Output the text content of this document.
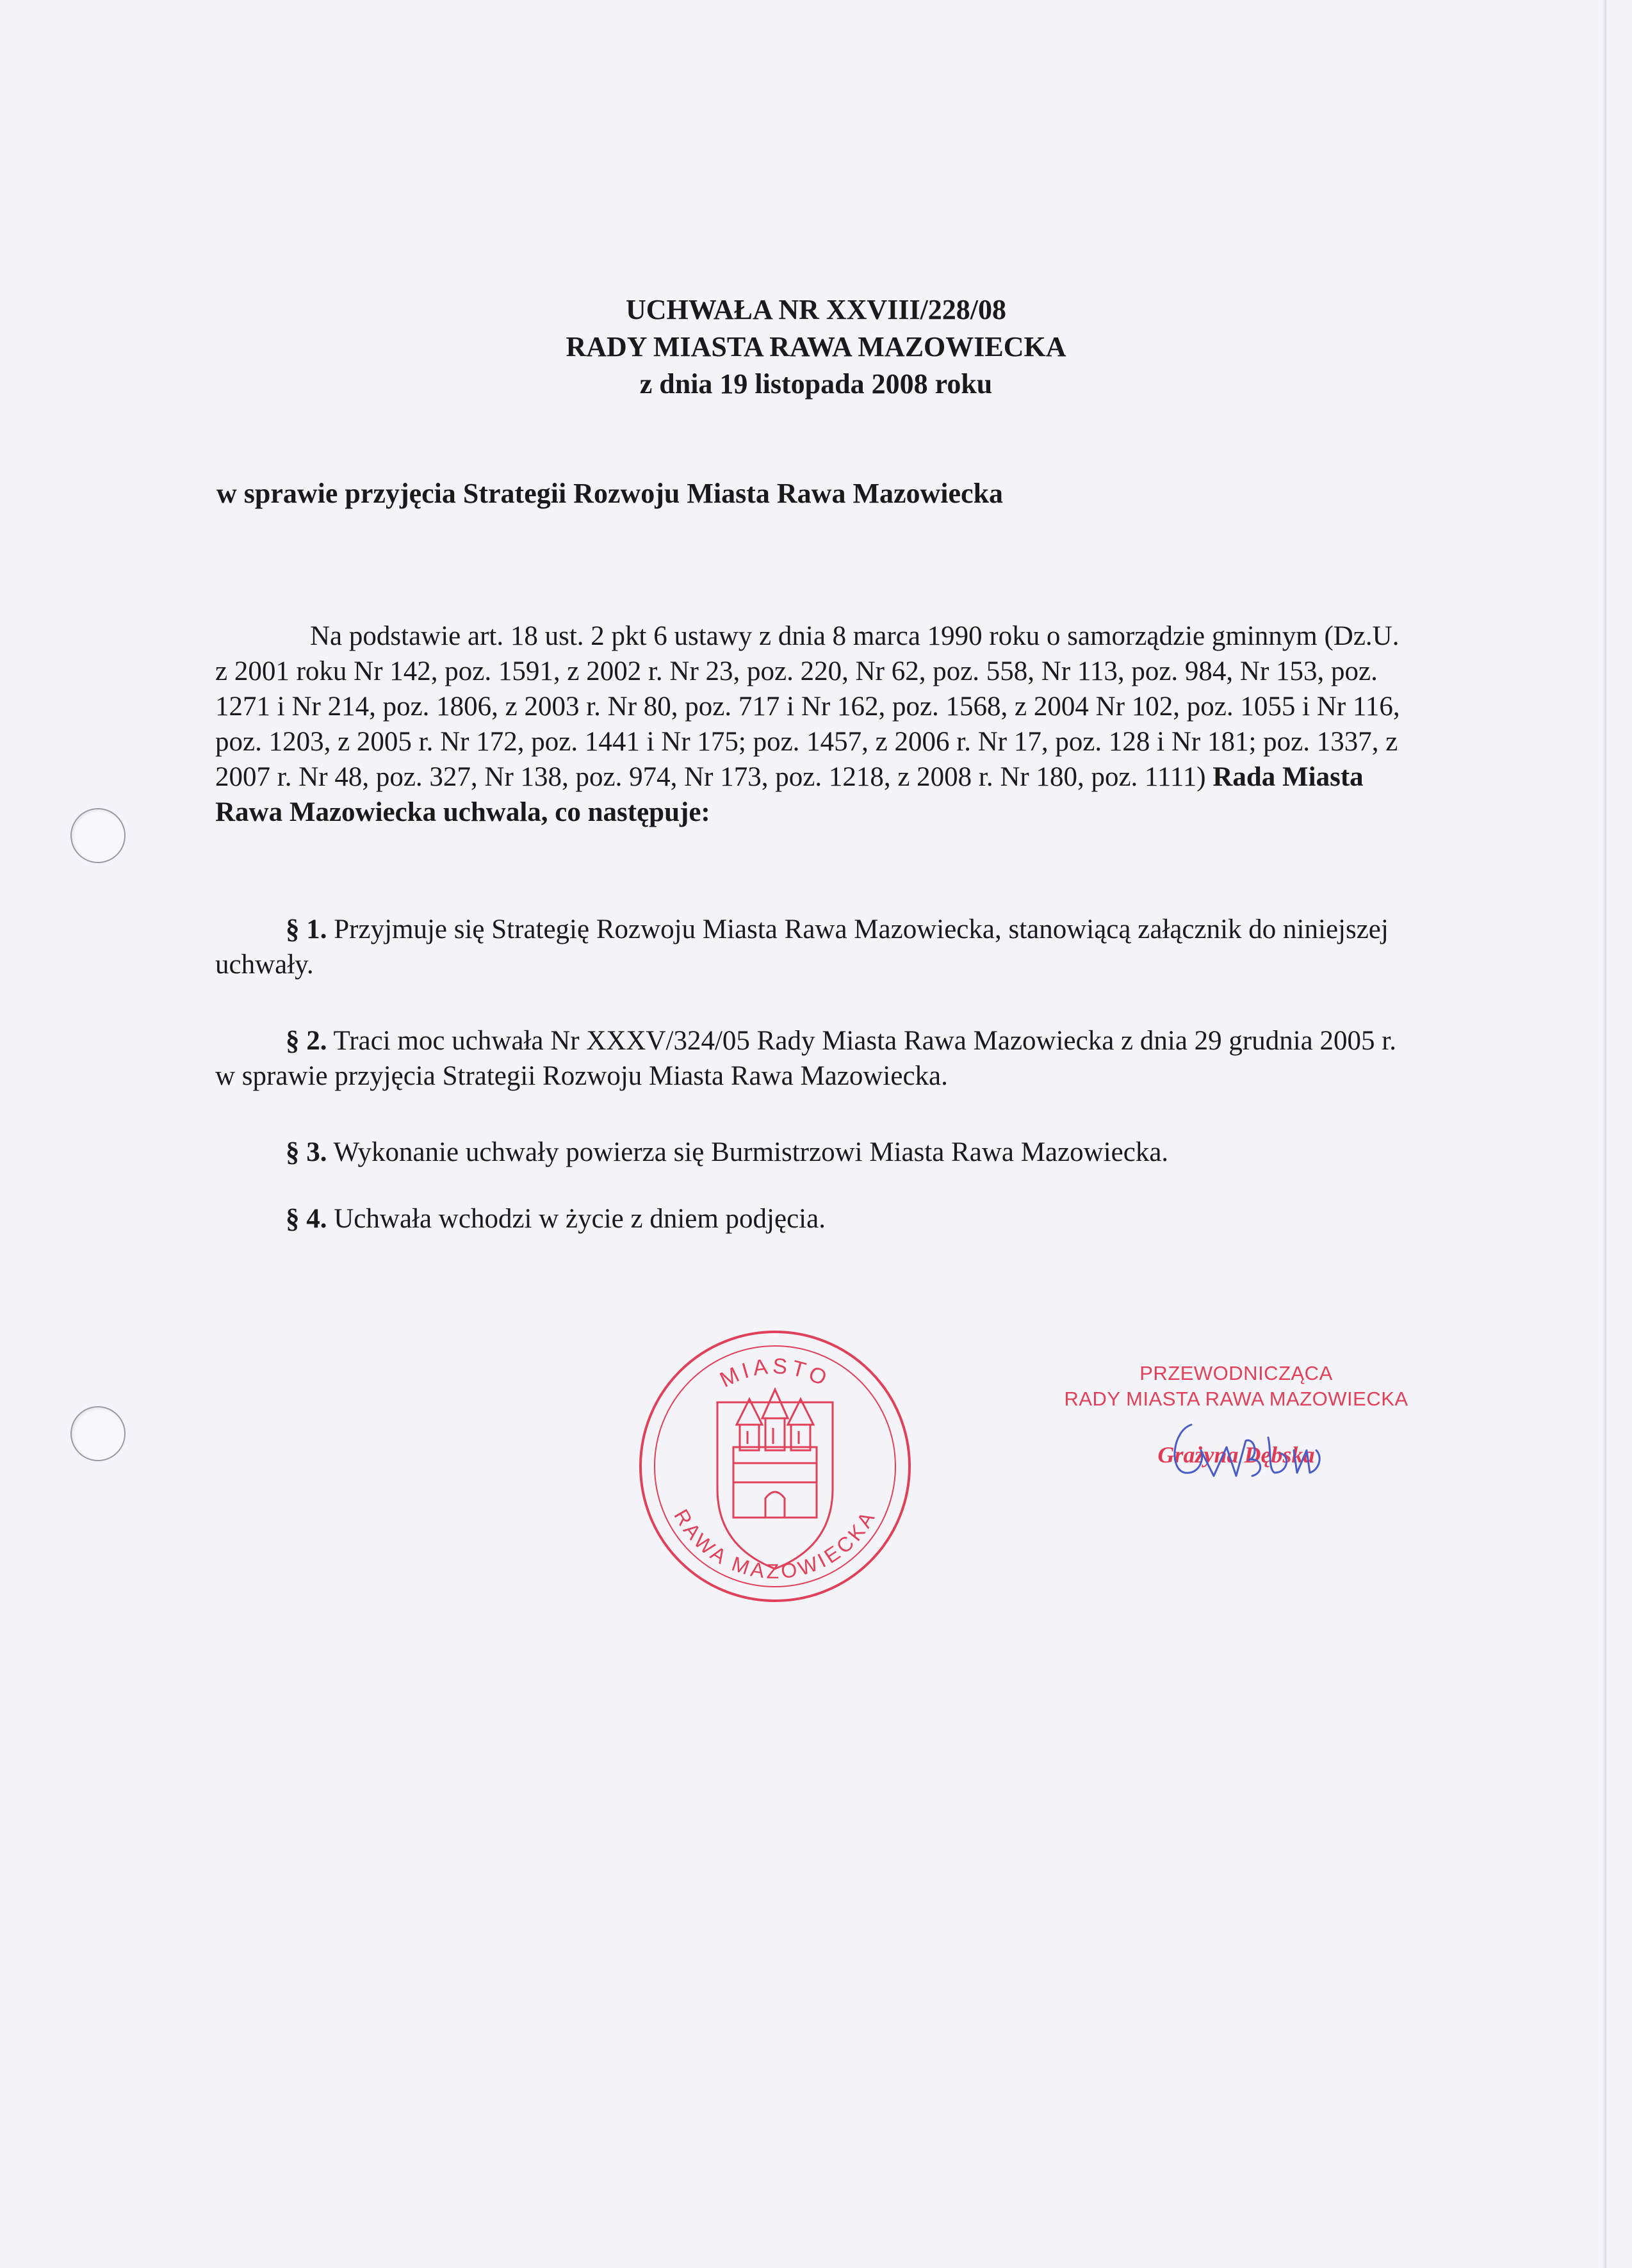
UCHWAŁA NR XXVIII/228/08
RADY MIASTA RAWA MAZOWIECKA
z dnia 19 listopada 2008 roku
w sprawie przyjęcia Strategii Rozwoju Miasta Rawa Mazowiecka
Na podstawie art. 18 ust. 2 pkt 6 ustawy z dnia 8 marca 1990 roku o samorządzie gminnym (Dz.U. z 2001 roku Nr 142, poz. 1591, z 2002 r. Nr 23, poz. 220, Nr 62, poz. 558, Nr 113, poz. 984, Nr 153, poz. 1271 i Nr 214, poz. 1806, z 2003 r. Nr 80, poz. 717 i Nr 162, poz. 1568, z 2004 Nr 102, poz. 1055 i Nr 116, poz. 1203, z 2005 r. Nr 172, poz. 1441 i Nr 175; poz. 1457, z 2006 r. Nr 17, poz. 128 i Nr 181; poz. 1337, z 2007 r. Nr 48, poz. 327, Nr 138, poz. 974, Nr 173, poz. 1218, z 2008 r. Nr 180, poz. 1111) Rada Miasta Rawa Mazowiecka uchwala, co następuje:
§ 1. Przyjmuje się Strategię Rozwoju Miasta Rawa Mazowiecka, stanowiącą załącznik do niniejszej uchwały.
§ 2. Traci moc uchwała Nr XXXV/324/05 Rady Miasta Rawa Mazowiecka z dnia 29 grudnia 2005 r. w sprawie przyjęcia Strategii Rozwoju Miasta Rawa Mazowiecka.
§ 3. Wykonanie uchwały powierza się Burmistrzowi Miasta Rawa Mazowiecka.
§ 4. Uchwała wchodzi w życie z dniem podjęcia.
MIASTO
RAWA MAZOWIECKA
PRZEWODNICZĄCA
RADY MIASTA RAWA MAZOWIECKA
Grażyna Dębska
